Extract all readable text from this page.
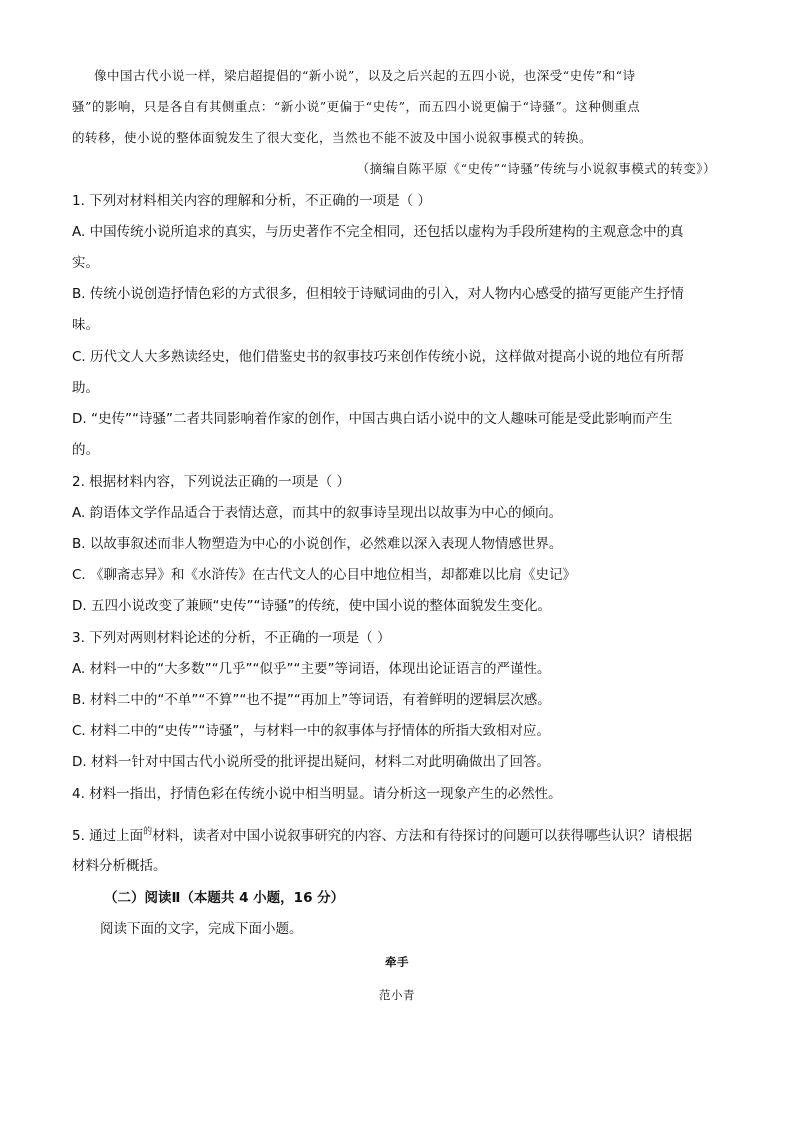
像中国古代小说一样，梁启超提倡的“新小说”，以及之后兴起的五四小说，也深受“史传”和“诗
骚”的影响，只是各自有其侧重点：“新小说”更偏于“史传”，而五四小说更偏于“诗骚”。这种侧重点
的转移，使小说的整体面貌发生了很大变化，当然也不能不波及中国小说叙事模式的转换。
（摘编自陈平原《“史传”“诗骚”传统与小说叙事模式的转变》）
1. 下列对材料相关内容的理解和分析，不正确的一项是（ ）
A. 中国传统小说所追求的真实，与历史著作不完全相同，还包括以虚构为手段所建构的主观意念中的真
实。
B. 传统小说创造抒情色彩的方式很多，但相较于诗赋词曲的引入，对人物内心感受的描写更能产生抒情
味。
C. 历代文人大多熟读经史，他们借鉴史书的叙事技巧来创作传统小说，这样做对提高小说的地位有所帮
助。
D. “史传”“诗骚”二者共同影响着作家的创作，中国古典白话小说中的文人趣味可能是受此影响而产生
的。
2. 根据材料内容，下列说法正确的一项是（ ）
A. 韵语体文学作品适合于表情达意，而其中的叙事诗呈现出以故事为中心的倾向。
B. 以故事叙述而非人物塑造为中心的小说创作，必然难以深入表现人物情感世界。
C. 《聊斋志异》和《水浒传》在古代文人的心目中地位相当，却都难以比肩《史记》
D. 五四小说改变了兼顾“史传”“诗骚”的传统，使中国小说的整体面貌发生变化。
3. 下列对两则材料论述的分析，不正确的一项是（ ）
A. 材料一中的“大多数”“几乎”“似乎”“主要”等词语，体现出论证语言的严谨性。
B. 材料二中的“不单”“不算”“也不提”“再加上”等词语，有着鲜明的逻辑层次感。
C. 材料二中的“史传”“诗骚”，与材料一中的叙事体与抒情体的所指大致相对应。
D. 材料一针对中国古代小说所受的批评提出疑问，材料二对此明确做出了回答。
4. 材料一指出，抒情色彩在传统小说中相当明显。请分析这一现象产生的必然性。
5. 通过上面$^的$材料，读者对中国小说叙事研究的内容、方法和有待探讨的问题可以获得哪些认识？请根据
材料分析概括。
（二）阅读Ⅱ（本题共 4 小题，16 分）
阅读下面的文字，完成下面小题。
牵手
范小青
